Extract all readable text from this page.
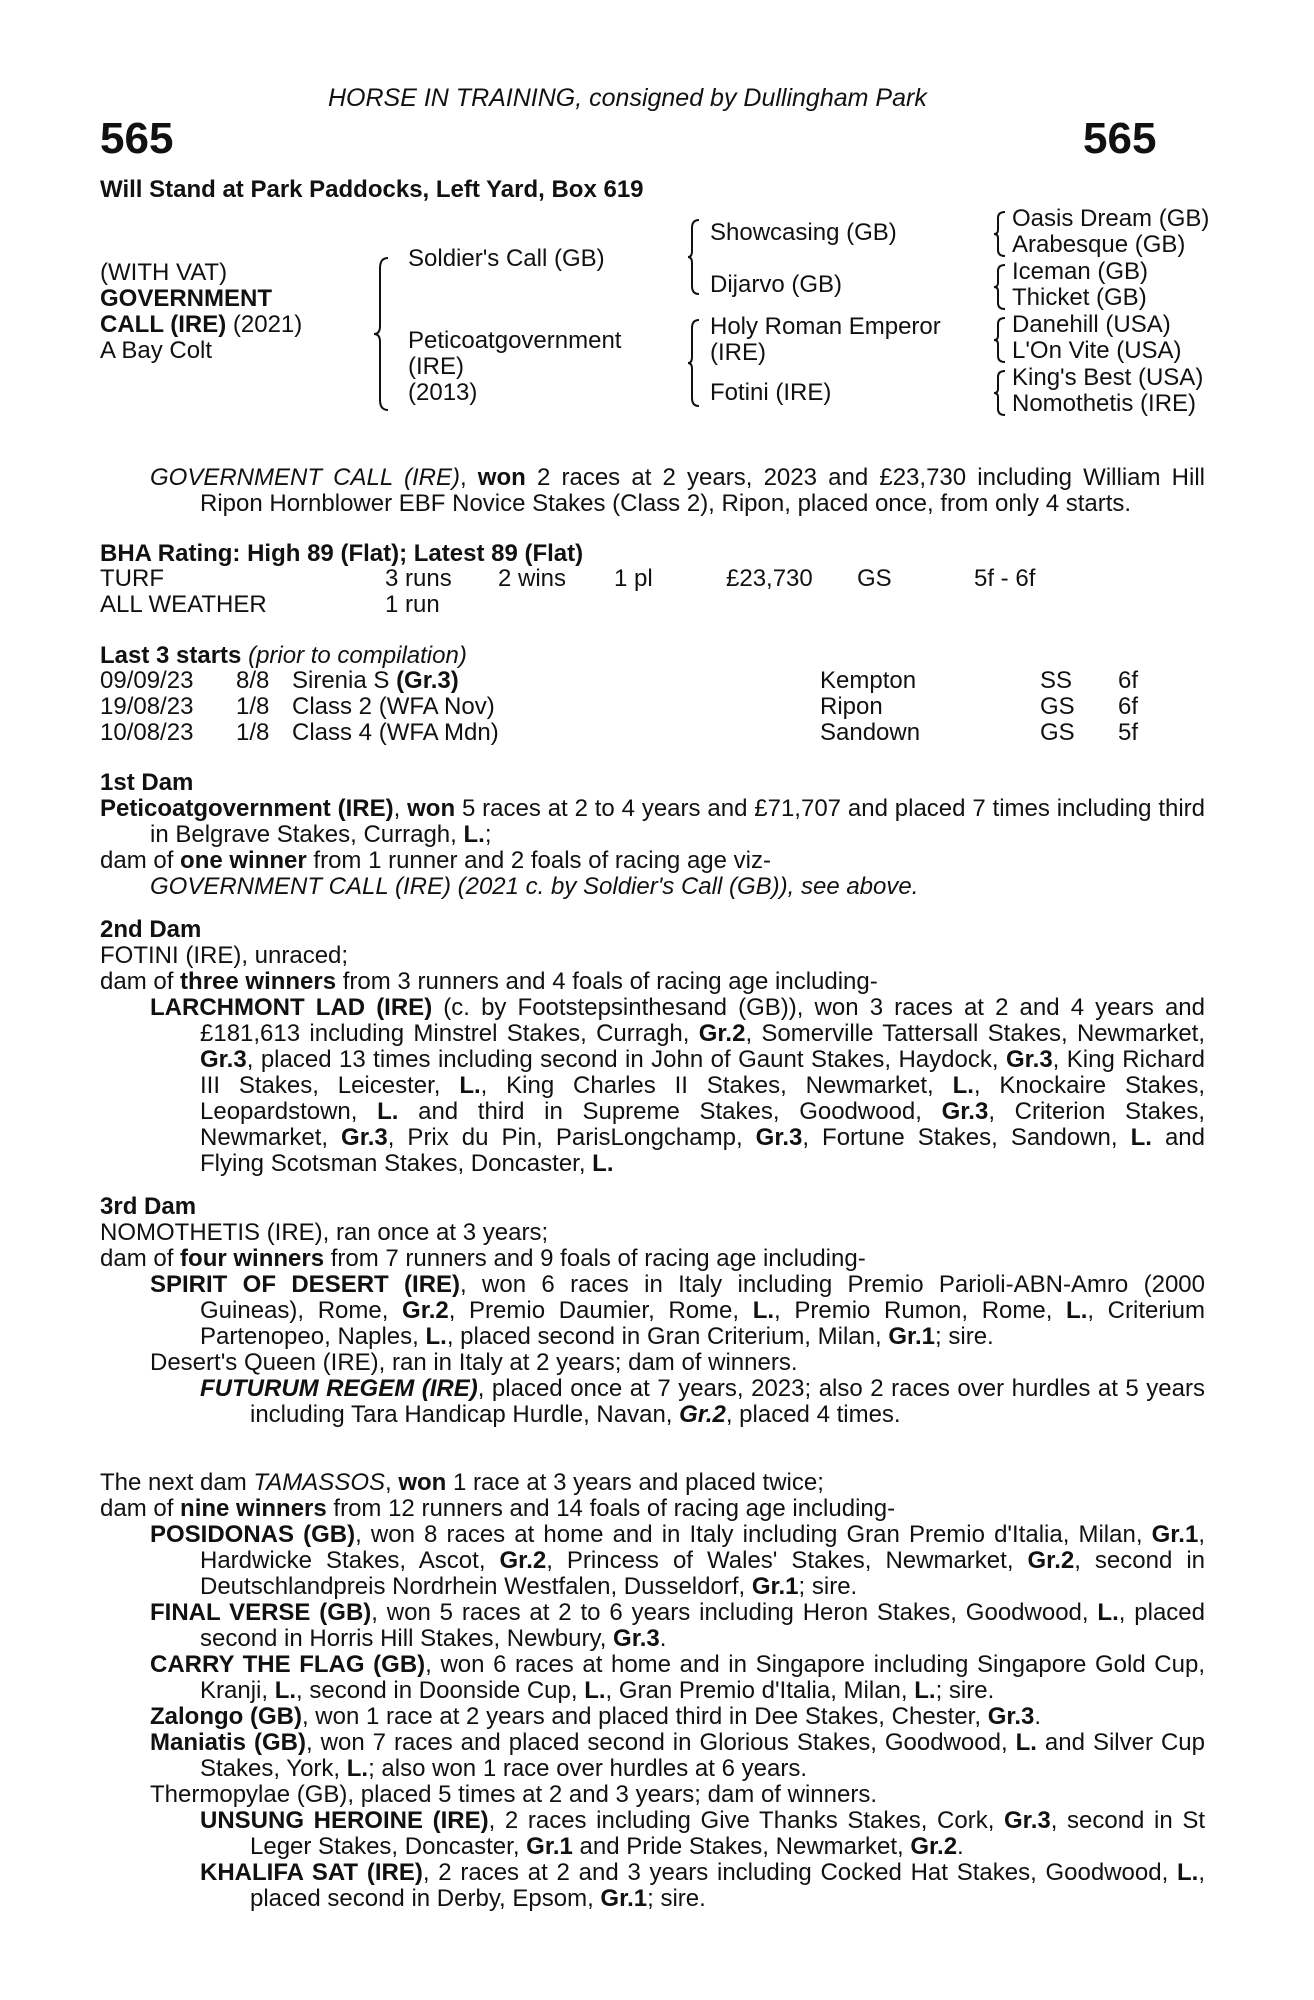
HORSE IN TRAINING, consigned by Dullingham Park
565	565
Will Stand at Park Paddocks, Left Yard, Box 619
(WITH VAT)
GOVERNMENT
CALL (IRE) (2021)
A Bay Colt
Soldier's Call (GB)
Peticoatgovernment
(IRE)
(2013)
Showcasing (GB)
Dijarvo (GB)
Holy Roman Emperor
(IRE)
Fotini (IRE)
Oasis Dream (GB)
Arabesque (GB)
Iceman (GB)
Thicket (GB)
Danehill (USA)
L'On Vite (USA)
King's Best (USA)
Nomothetis (IRE)

GOVERNMENT CALL (IRE), won 2 races at 2 years, 2023 and £23,730 including William Hill Ripon Hornblower EBF Novice Stakes (Class 2), Ripon, placed once, from only 4 starts.

BHA Rating: High 89 (Flat); Latest 89 (Flat)
TURF	3 runs 2 wins 1 pl	£23,730 GS	5f - 6f
ALL WEATHER	1 run
Last 3 starts (prior to compilation)
09/09/23 8/8 Sirenia S (Gr.3)	Kempton	SS 6f
19/08/23 1/8 Class 2 (WFA Nov)	Ripon	GS 6f
10/08/23 1/8 Class 4 (WFA Mdn)	Sandown	GS 5f

1st Dam

Peticoatgovernment (IRE), won 5 races at 2 to 4 years and £71,707 and placed 7 times including third in Belgrave Stakes, Curragh, L.;

dam of one winner from 1 runner and 2 foals of racing age viz-

GOVERNMENT CALL (IRE) (2021 c. by Soldier's Call (GB)), see above.

2nd Dam

FOTINI (IRE), unraced;

dam of three winners from 3 runners and 4 foals of racing age including-

LARCHMONT LAD (IRE) (c. by Footstepsinthesand (GB)), won 3 races at 2 and 4 years and £181,613 including Minstrel Stakes, Curragh, Gr.2, Somerville Tattersall Stakes, Newmarket, Gr.3, placed 13 times including second in John of Gaunt Stakes, Haydock, Gr.3, King Richard III Stakes, Leicester, L., King Charles II Stakes, Newmarket, L., Knockaire Stakes, Leopardstown, L. and third in Supreme Stakes, Goodwood, Gr.3, Criterion Stakes, Newmarket, Gr.3, Prix du Pin, ParisLongchamp, Gr.3, Fortune Stakes, Sandown, L. and Flying Scotsman Stakes, Doncaster, L.

3rd Dam

NOMOTHETIS (IRE), ran once at 3 years;

dam of four winners from 7 runners and 9 foals of racing age including-

SPIRIT OF DESERT (IRE), won 6 races in Italy including Premio Parioli-ABN-Amro (2000 Guineas), Rome, Gr.2, Premio Daumier, Rome, L., Premio Rumon, Rome, L., Criterium Partenopeo, Naples, L., placed second in Gran Criterium, Milan, Gr.1; sire.

Desert's Queen (IRE), ran in Italy at 2 years; dam of winners.

FUTURUM REGEM (IRE), placed once at 7 years, 2023; also 2 races over hurdles at 5 years including Tara Handicap Hurdle, Navan, Gr.2, placed 4 times.

The next dam TAMASSOS, won 1 race at 3 years and placed twice;

dam of nine winners from 12 runners and 14 foals of racing age including-

POSIDONAS (GB), won 8 races at home and in Italy including Gran Premio d'Italia, Milan, Gr.1, Hardwicke Stakes, Ascot, Gr.2, Princess of Wales' Stakes, Newmarket, Gr.2, second in Deutschlandpreis Nordrhein Westfalen, Dusseldorf, Gr.1; sire.

FINAL VERSE (GB), won 5 races at 2 to 6 years including Heron Stakes, Goodwood, L., placed second in Horris Hill Stakes, Newbury, Gr.3.

CARRY THE FLAG (GB), won 6 races at home and in Singapore including Singapore Gold Cup, Kranji, L., second in Doonside Cup, L., Gran Premio d'Italia, Milan, L.; sire.

Zalongo (GB), won 1 race at 2 years and placed third in Dee Stakes, Chester, Gr.3.

Maniatis (GB), won 7 races and placed second in Glorious Stakes, Goodwood, L. and Silver Cup Stakes, York, L.; also won 1 race over hurdles at 6 years.

Thermopylae (GB), placed 5 times at 2 and 3 years; dam of winners.

UNSUNG HEROINE (IRE), 2 races including Give Thanks Stakes, Cork, Gr.3, second in St Leger Stakes, Doncaster, Gr.1 and Pride Stakes, Newmarket, Gr.2.

KHALIFA SAT (IRE), 2 races at 2 and 3 years including Cocked Hat Stakes, Goodwood, L., placed second in Derby, Epsom, Gr.1; sire.
